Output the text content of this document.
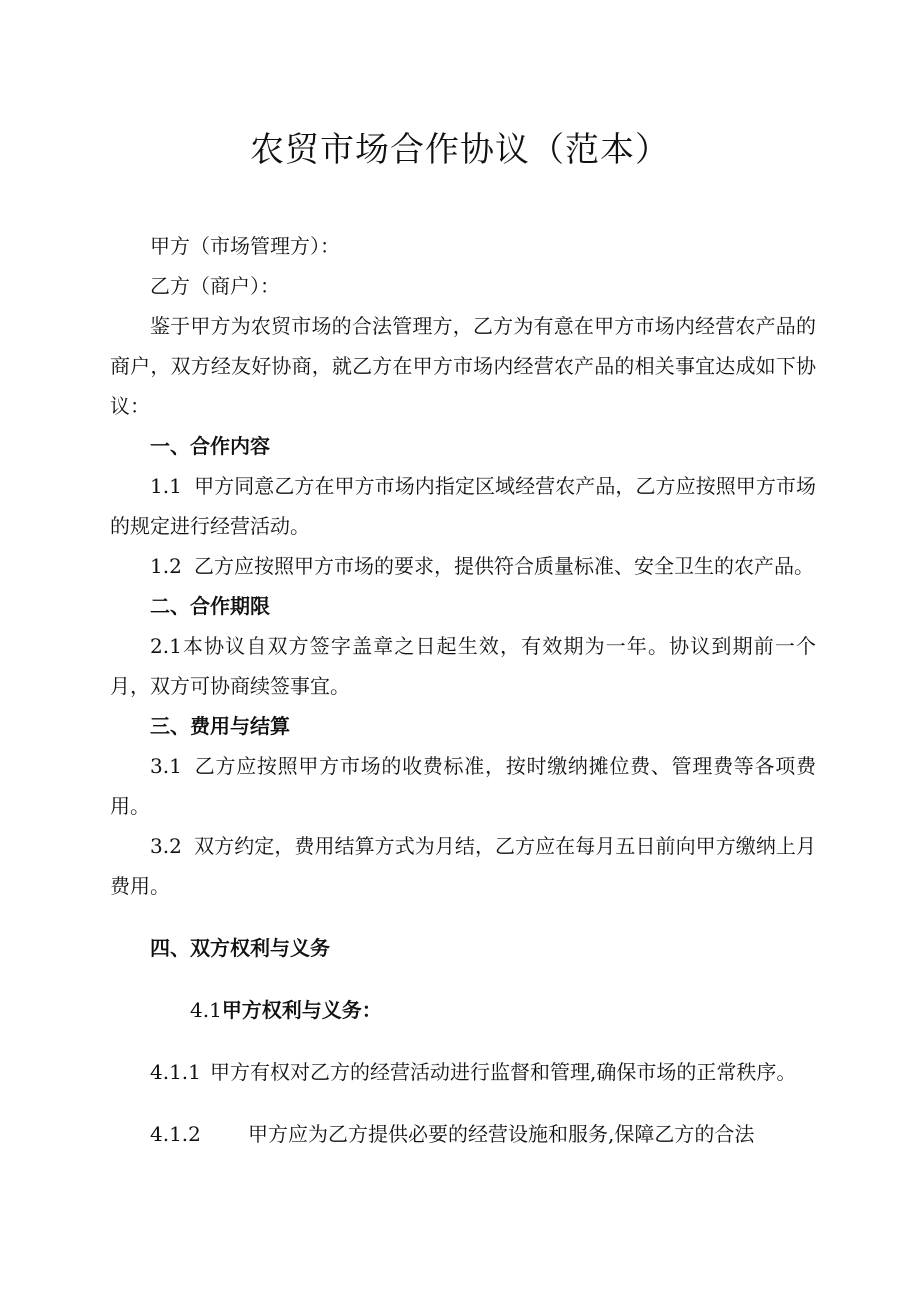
农贸市场合作协议（范本）

甲方（市场管理方）：

乙方（商户）：

鉴于甲方为农贸市场的合法管理方，乙方为有意在甲方市场内经营农产品的商户，双方经友好协商，就乙方在甲方市场内经营农产品的相关事宜达成如下协议：

一、合作内容

1.1 甲方同意乙方在甲方市场内指定区域经营农产品，乙方应按照甲方市场的规定进行经营活动。

1.2 乙方应按照甲方市场的要求，提供符合质量标准、安全卫生的农产品。

二、合作期限

2.1本协议自双方签字盖章之日起生效，有效期为一年。协议到期前一个月，双方可协商续签事宜。

三、费用与结算

3.1 乙方应按照甲方市场的收费标准，按时缴纳摊位费、管理费等各项费用。

3.2 双方约定，费用结算方式为月结，乙方应在每月五日前向甲方缴纳上月费用。

四、双方权利与义务

4.1甲方权利与义务：

4.1.1 甲方有权对乙方的经营活动进行监督和管理,确保市场的正常秩序。

4.1.2 甲方应为乙方提供必要的经营设施和服务,保障乙方的合法
